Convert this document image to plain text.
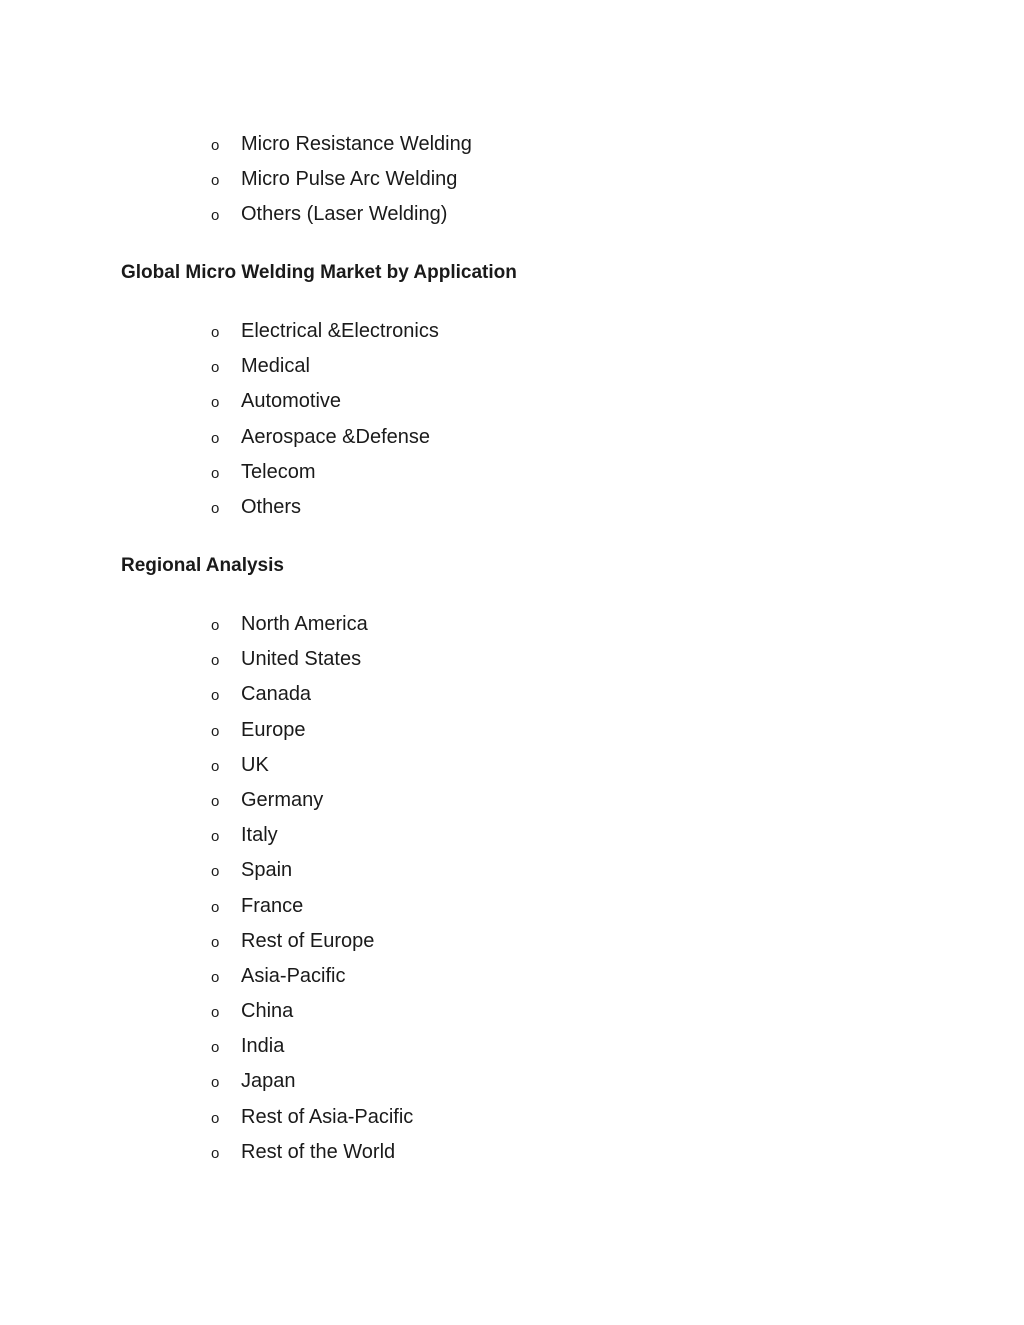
o Micro Resistance Welding
o Micro Pulse Arc Welding
o Others (Laser Welding)
Global Micro Welding Market by Application
o Electrical &Electronics
o Medical
o Automotive
o Aerospace &Defense
o Telecom
o Others
Regional Analysis
o North America
o United States
o Canada
o Europe
o UK
o Germany
o Italy
o Spain
o France
o Rest of Europe
o Asia-Pacific
o China
o India
o Japan
o Rest of Asia-Pacific
o Rest of the World
